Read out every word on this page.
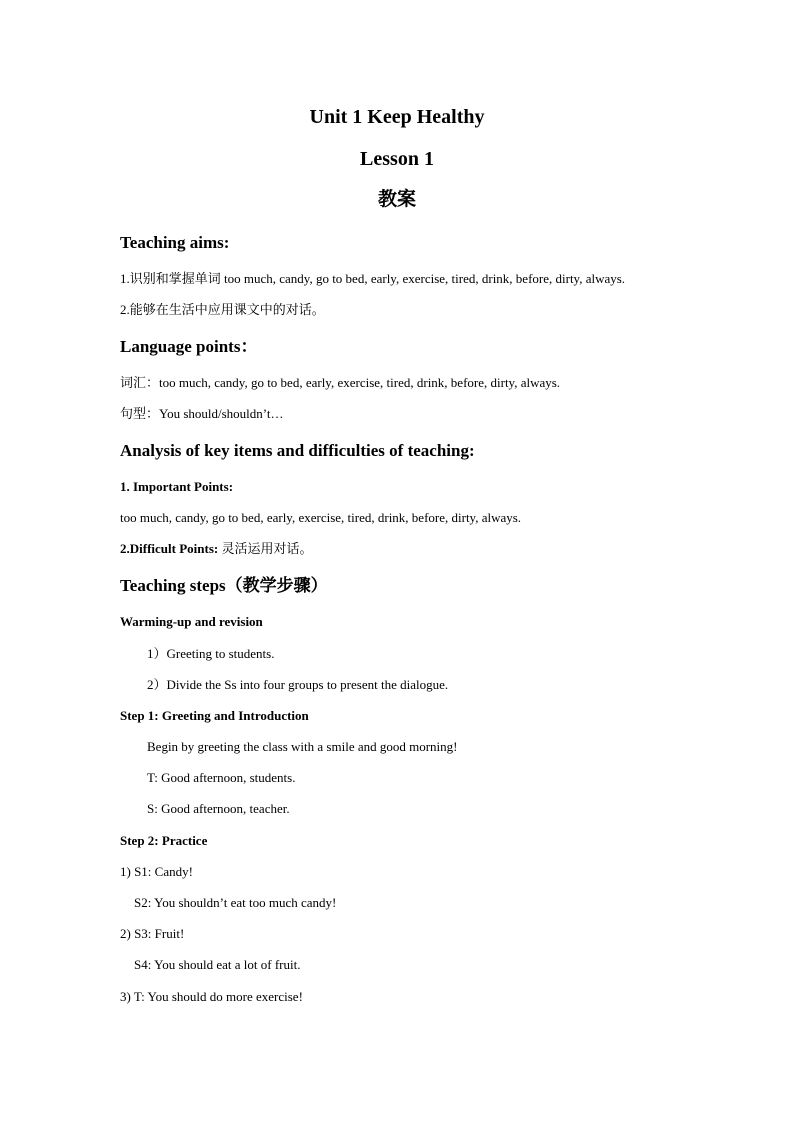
Unit 1 Keep Healthy
Lesson 1
教案
Teaching aims:
1.识别和掌握单词 too much, candy, go to bed, early, exercise, tired, drink, before, dirty, always.
2.能够在生活中应用课文中的对话。
Language points：
词汇：too much, candy, go to bed, early, exercise, tired, drink, before, dirty, always.
句型：You should/shouldn’t…
Analysis of key items and difficulties of teaching:
1. Important Points:
too much, candy, go to bed, early, exercise, tired, drink, before, dirty, always.
2.Difficult Points: 灵活运用对话。
Teaching steps（教学步骤）
Warming-up and revision
1）Greeting to students.
2）Divide the Ss into four groups to present the dialogue.
Step 1: Greeting and Introduction
Begin by greeting the class with a smile and good morning!
T: Good afternoon, students.
S: Good afternoon, teacher.
Step 2: Practice
1) S1: Candy!
S2: You shouldn’t eat too much candy!
2) S3: Fruit!
S4: You should eat a lot of fruit.
3) T: You should do more exercise!
